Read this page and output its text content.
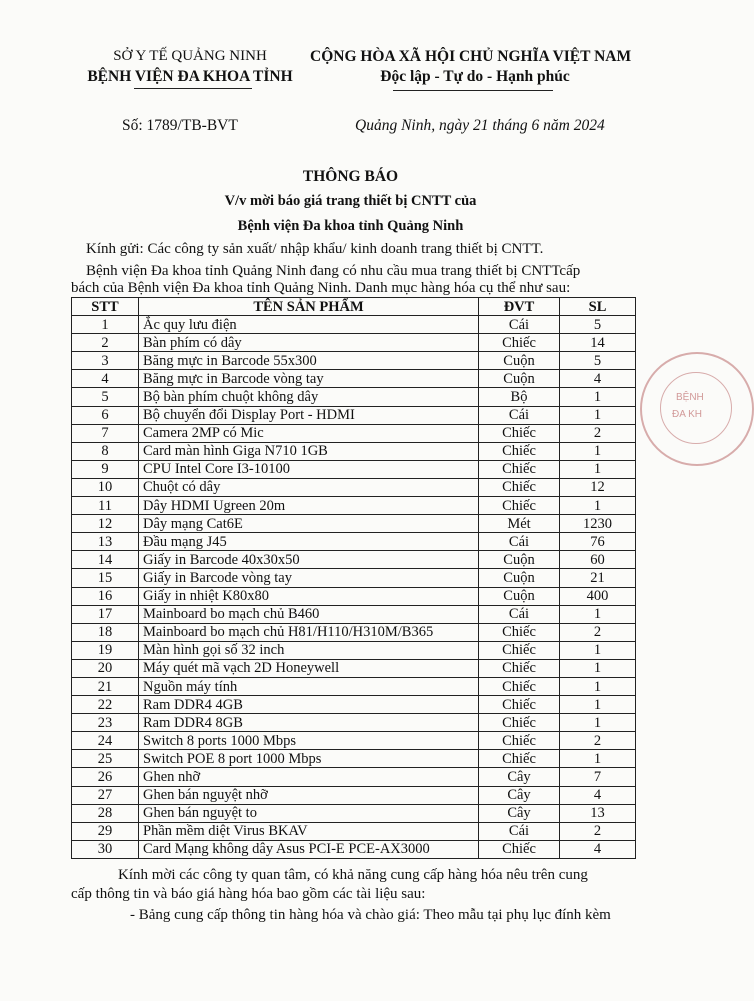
SỞ Y TẾ QUẢNG NINH
BỆNH VIỆN ĐA KHOA TỈNH
CỘNG HÒA XÃ HỘI CHỦ NGHĨA VIỆT NAM
Độc lập - Tự do - Hạnh phúc
Số: 1789/TB-BVT	Quảng Ninh, ngày 21 tháng 6 năm 2024
THÔNG BÁO
V/v mời báo giá trang thiết bị CNTT của
Bệnh viện Đa khoa tỉnh Quảng Ninh
Kính gửi: Các công ty sản xuất/ nhập khẩu/ kinh doanh trang thiết bị CNTT.
Bệnh viện Đa khoa tỉnh Quảng Ninh đang có nhu cầu mua trang thiết bị CNTTcấp
bách của Bệnh viện Đa khoa tỉnh Quảng Ninh. Danh mục hàng hóa cụ thể như sau:
STT	TÊN SẢN PHẨM	ĐVT	SL
1	Ắc quy lưu điện	Cái	5
2	Bàn phím có dây	Chiếc	14
3	Băng mực in Barcode 55x300	Cuộn	5
4	Băng mực in Barcode vòng tay	Cuộn	4
5	Bộ bàn phím chuột không dây	Bộ	1
6	Bộ chuyển đổi Display Port - HDMI	Cái	1
7	Camera 2MP có Mic	Chiếc	2
8	Card màn hình Giga N710 1GB	Chiếc	1
9	CPU Intel Core I3-10100	Chiếc	1
10	Chuột có dây	Chiếc	12
11	Dây HDMI Ugreen 20m	Chiếc	1
12	Dây mạng Cat6E	Mét	1230
13	Đầu mạng J45	Cái	76
14	Giấy in Barcode 40x30x50	Cuộn	60
15	Giấy in Barcode vòng tay	Cuộn	21
16	Giấy in nhiệt K80x80	Cuộn	400
17	Mainboard bo mạch chủ B460	Cái	1
18	Mainboard bo mạch chủ H81/H110/H310M/B365	Chiếc	2
19	Màn hình gọi số 32 inch	Chiếc	1
20	Máy quét mã vạch 2D Honeywell	Chiếc	1
21	Nguồn máy tính	Chiếc	1
22	Ram DDR4 4GB	Chiếc	1
23	Ram DDR4 8GB	Chiếc	1
24	Switch 8 ports 1000 Mbps	Chiếc	2
25	Switch POE 8 port 1000 Mbps	Chiếc	1
26	Ghen nhỡ	Cây	7
27	Ghen bán nguyệt nhỡ	Cây	4
28	Ghen bán nguyệt to	Cây	13
29	Phần mềm diệt Virus BKAV	Cái	2
30	Card Mạng không dây Asus PCI-E PCE-AX3000	Chiếc	4
Kính mời các công ty quan tâm, có khả năng cung cấp hàng hóa nêu trên cung
cấp thông tin và báo giá hàng hóa bao gồm các tài liệu sau:
- Bảng cung cấp thông tin hàng hóa và chào giá: Theo mẫu tại phụ lục đính kèm
BỆNH
ĐA KH
